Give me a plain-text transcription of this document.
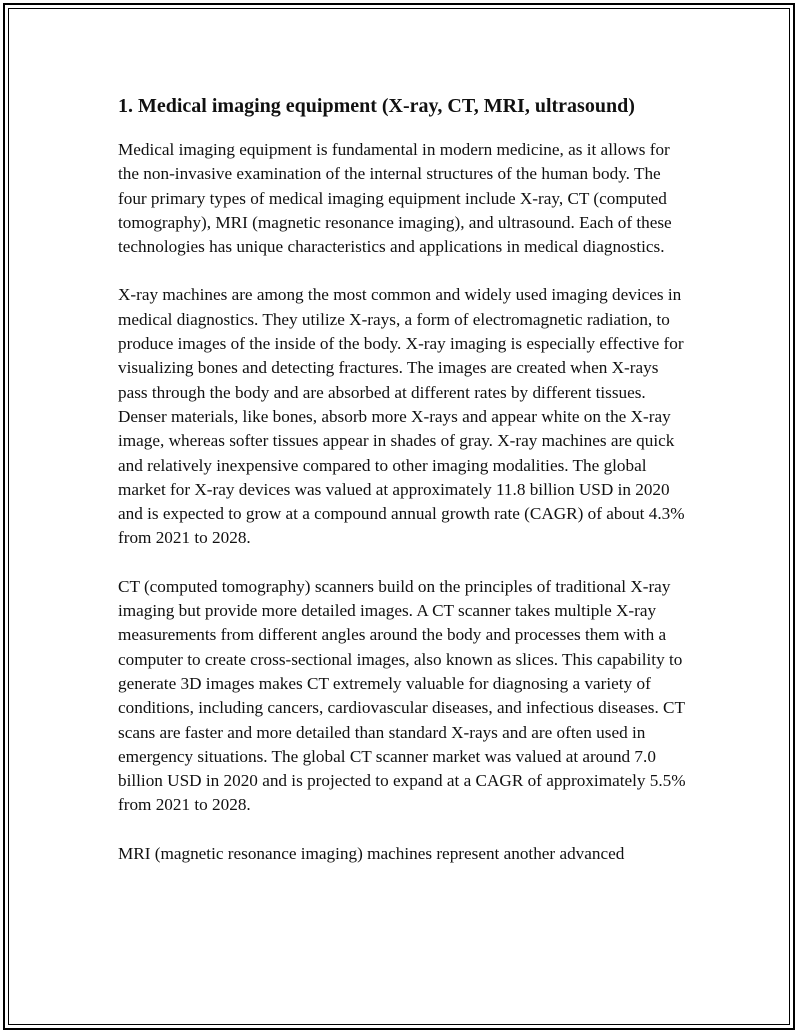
1. Medical imaging equipment (X-ray, CT, MRI, ultrasound)

Medical imaging equipment is fundamental in modern medicine, as it allows for the non-invasive examination of the internal structures of the human body. The four primary types of medical imaging equipment include X-ray, CT (computed tomography), MRI (magnetic resonance imaging), and ultrasound. Each of these technologies has unique characteristics and applications in medical diagnostics.

X-ray machines are among the most common and widely used imaging devices in medical diagnostics. They utilize X-rays, a form of electromagnetic radiation, to produce images of the inside of the body. X-ray imaging is especially effective for visualizing bones and detecting fractures. The images are created when X-rays pass through the body and are absorbed at different rates by different tissues. Denser materials, like bones, absorb more X-rays and appear white on the X-ray image, whereas softer tissues appear in shades of gray. X-ray machines are quick and relatively inexpensive compared to other imaging modalities. The global market for X-ray devices was valued at approximately 11.8 billion USD in 2020 and is expected to grow at a compound annual growth rate (CAGR) of about 4.3% from 2021 to 2028.

CT (computed tomography) scanners build on the principles of traditional X-ray imaging but provide more detailed images. A CT scanner takes multiple X-ray measurements from different angles around the body and processes them with a computer to create cross-sectional images, also known as slices. This capability to generate 3D images makes CT extremely valuable for diagnosing a variety of conditions, including cancers, cardiovascular diseases, and infectious diseases. CT scans are faster and more detailed than standard X-rays and are often used in emergency situations. The global CT scanner market was valued at around 7.0 billion USD in 2020 and is projected to expand at a CAGR of approximately 5.5% from 2021 to 2028.

MRI (magnetic resonance imaging) machines represent another advanced
